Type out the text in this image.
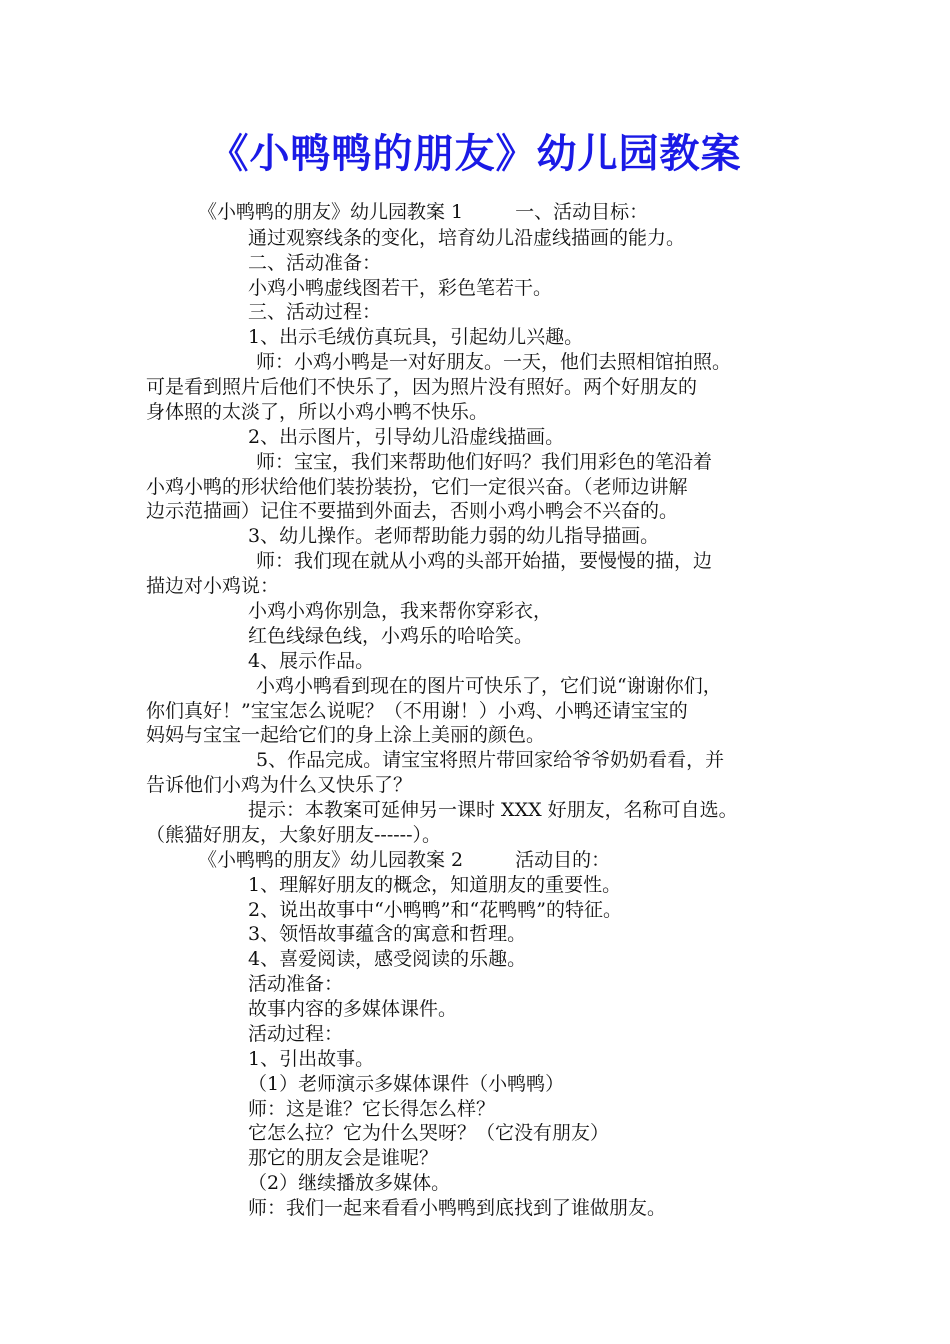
《小鸭鸭的朋友》幼儿园教案
《小鸭鸭的朋友》幼儿园教案 1	一、活动目标：
通过观察线条的变化，培育幼儿沿虚线描画的能力。
二、活动准备：
小鸡小鸭虚线图若干，彩色笔若干。
三、活动过程：
1、出示毛绒仿真玩具，引起幼儿兴趣。
师：小鸡小鸭是一对好朋友。一天，他们去照相馆拍照。
可是看到照片后他们不快乐了，因为照片没有照好。两个好朋友的
身体照的太淡了，所以小鸡小鸭不快乐。
2、出示图片，引导幼儿沿虚线描画。
师：宝宝，我们来帮助他们好吗？我们用彩色的笔沿着
小鸡小鸭的形状给他们装扮装扮，它们一定很兴奋。（老师边讲解
边示范描画）记住不要描到外面去，否则小鸡小鸭会不兴奋的。
3、幼儿操作。老师帮助能力弱的幼儿指导描画。
师：我们现在就从小鸡的头部开始描，要慢慢的描，边
描边对小鸡说：
小鸡小鸡你别急，我来帮你穿彩衣，
红色线绿色线，小鸡乐的哈哈笑。
4、展示作品。
小鸡小鸭看到现在的图片可快乐了，它们说“谢谢你们，
你们真好！”宝宝怎么说呢？（不用谢！）小鸡、小鸭还请宝宝的
妈妈与宝宝一起给它们的身上涂上美丽的颜色。
5、作品完成。请宝宝将照片带回家给爷爷奶奶看看，并
告诉他们小鸡为什么又快乐了？
提示：本教案可延伸另一课时 XXX 好朋友，名称可自选。
（熊猫好朋友，大象好朋友------）。
《小鸭鸭的朋友》幼儿园教案 2	活动目的：
1、理解好朋友的概念，知道朋友的重要性。
2、说出故事中“小鸭鸭”和“花鸭鸭”的特征。
3、领悟故事蕴含的寓意和哲理。
4、喜爱阅读，感受阅读的乐趣。
活动准备：
故事内容的多媒体课件。
活动过程：
1、引出故事。
（1）老师演示多媒体课件（小鸭鸭）
师：这是谁？它长得怎么样？
它怎么拉？它为什么哭呀？（它没有朋友）
那它的朋友会是谁呢？
（2）继续播放多媒体。
师：我们一起来看看小鸭鸭到底找到了谁做朋友。
